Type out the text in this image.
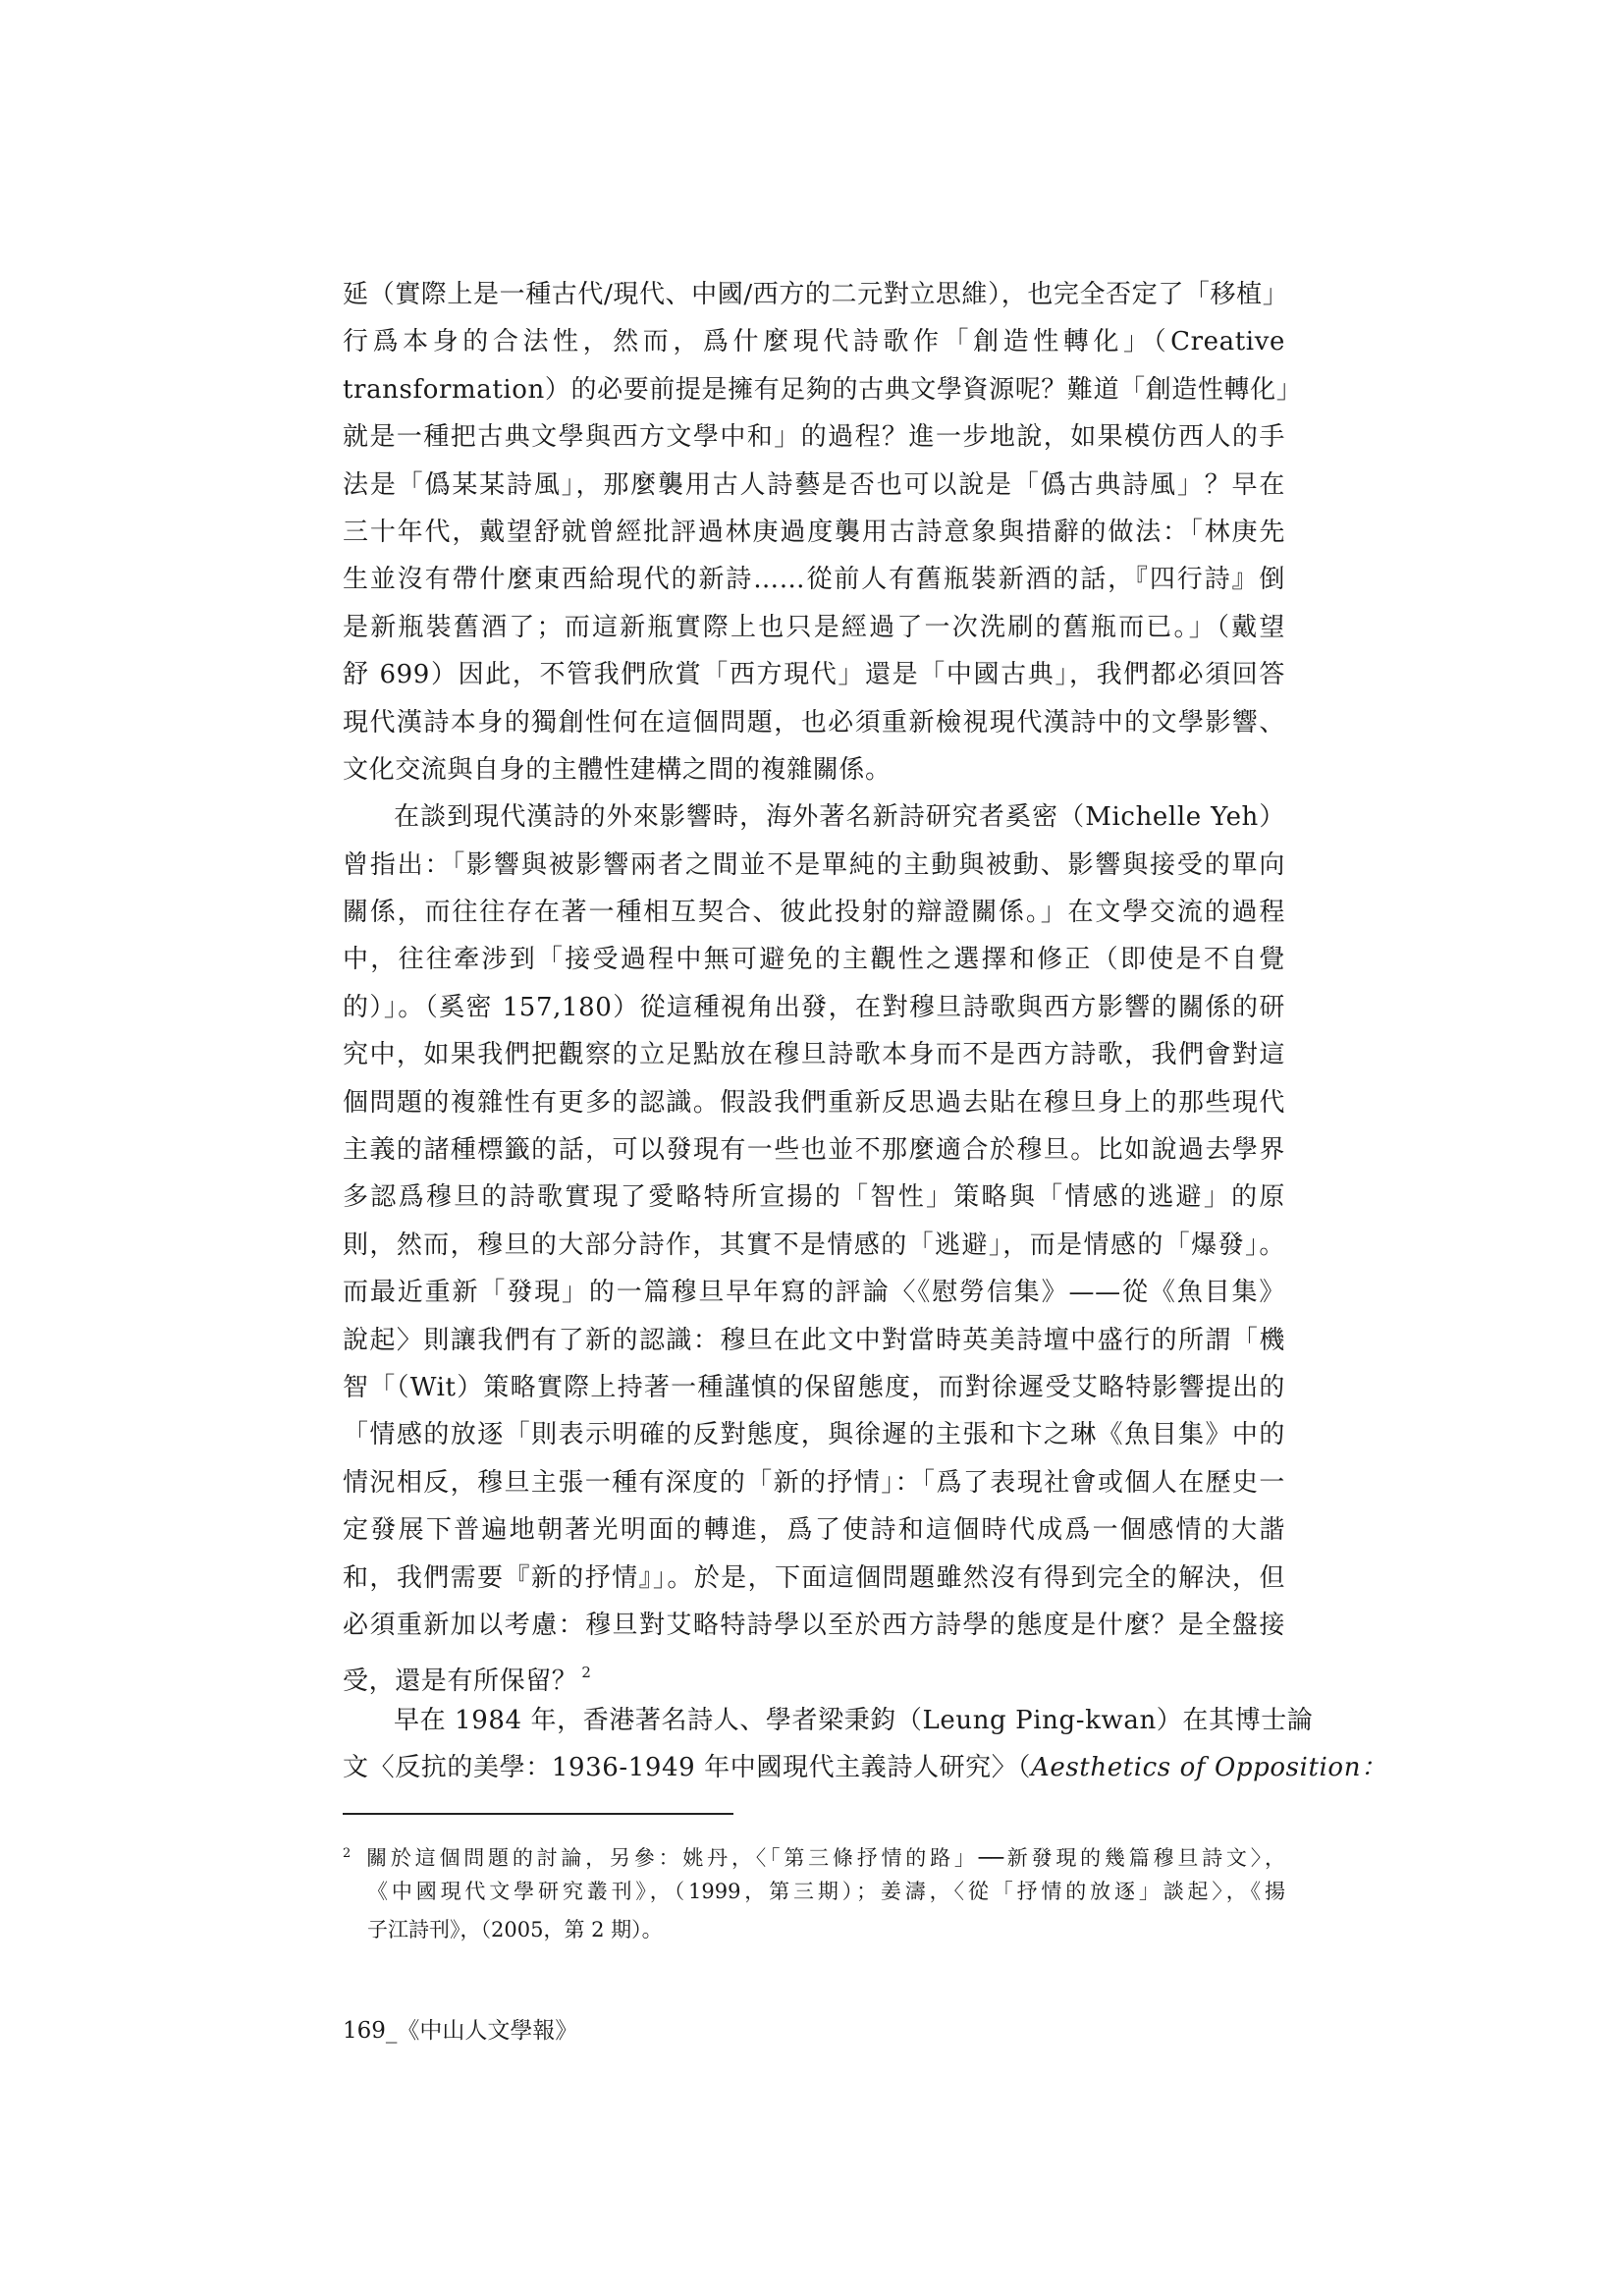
延（實際上是一種古代/現代、中國/西方的二元對立思維），也完全否定了「移植」
行爲本身的合法性，然而，爲什麼現代詩歌作「創造性轉化」（Creative
transformation）的必要前提是擁有足夠的古典文學資源呢？難道「創造性轉化」
就是一種把古典文學與西方文學中和」的過程？進一步地說，如果模仿西人的手
法是「僞某某詩風」，那麼襲用古人詩藝是否也可以說是「僞古典詩風」？早在
三十年代，戴望舒就曾經批評過林庚過度襲用古詩意象與措辭的做法：「林庚先
生並沒有帶什麼東西給現代的新詩……從前人有舊瓶裝新酒的話，『四行詩』倒
是新瓶裝舊酒了；而這新瓶實際上也只是經過了一次洗刷的舊瓶而已。」（戴望
舒 699）因此，不管我們欣賞「西方現代」還是「中國古典」，我們都必須回答
現代漢詩本身的獨創性何在這個問題，也必須重新檢視現代漢詩中的文學影響、
文化交流與自身的主體性建構之間的複雜關係。
在談到現代漢詩的外來影響時，海外著名新詩研究者奚密（Michelle Yeh）
曾指出：「影響與被影響兩者之間並不是單純的主動與被動、影響與接受的單向
關係，而往往存在著一種相互契合、彼此投射的辯證關係。」在文學交流的過程
中，往往牽涉到「接受過程中無可避免的主觀性之選擇和修正（即使是不自覺
的）」。（奚密 157,180）從這種視角出發，在對穆旦詩歌與西方影響的關係的研
究中，如果我們把觀察的立足點放在穆旦詩歌本身而不是西方詩歌，我們會對這
個問題的複雜性有更多的認識。假設我們重新反思過去貼在穆旦身上的那些現代
主義的諸種標籤的話，可以發現有一些也並不那麼適合於穆旦。比如說過去學界
多認爲穆旦的詩歌實現了愛略特所宣揚的「智性」策略與「情感的逃避」的原
則，然而，穆旦的大部分詩作，其實不是情感的「逃避」，而是情感的「爆發」。
而最近重新「發現」的一篇穆旦早年寫的評論〈《慰勞信集》——從《魚目集》
說起〉則讓我們有了新的認識：穆旦在此文中對當時英美詩壇中盛行的所謂「機
智「（Wit）策略實際上持著一種謹慎的保留態度，而對徐遲受艾略特影響提出的
「情感的放逐「則表示明確的反對態度，與徐遲的主張和卞之琳《魚目集》中的
情況相反，穆旦主張一種有深度的「新的抒情」：「爲了表現社會或個人在歷史一
定發展下普遍地朝著光明面的轉進，爲了使詩和這個時代成爲一個感情的大諧
和，我們需要『新的抒情』」。於是，下面這個問題雖然沒有得到完全的解決，但
必須重新加以考慮：穆旦對艾略特詩學以至於西方詩學的態度是什麼？是全盤接
受，還是有所保留？ $^2$
早在 1984 年，香港著名詩人、學者梁秉鈞（Leung Ping-kwan）在其博士論
文〈反抗的美學：1936-1949 年中國現代主義詩人研究〉（Aesthetics of Opposition：
$^2$ 關於這個問題的討論，另參：姚丹，〈「第三條抒情的路」──新發現的幾篇穆旦詩文〉，
《中國現代文學研究叢刊》，（1999，第三期）；姜濤，〈從「抒情的放逐」談起〉，《揚
子江詩刊》，（2005，第 2 期）。
169_《中山人文學報》
